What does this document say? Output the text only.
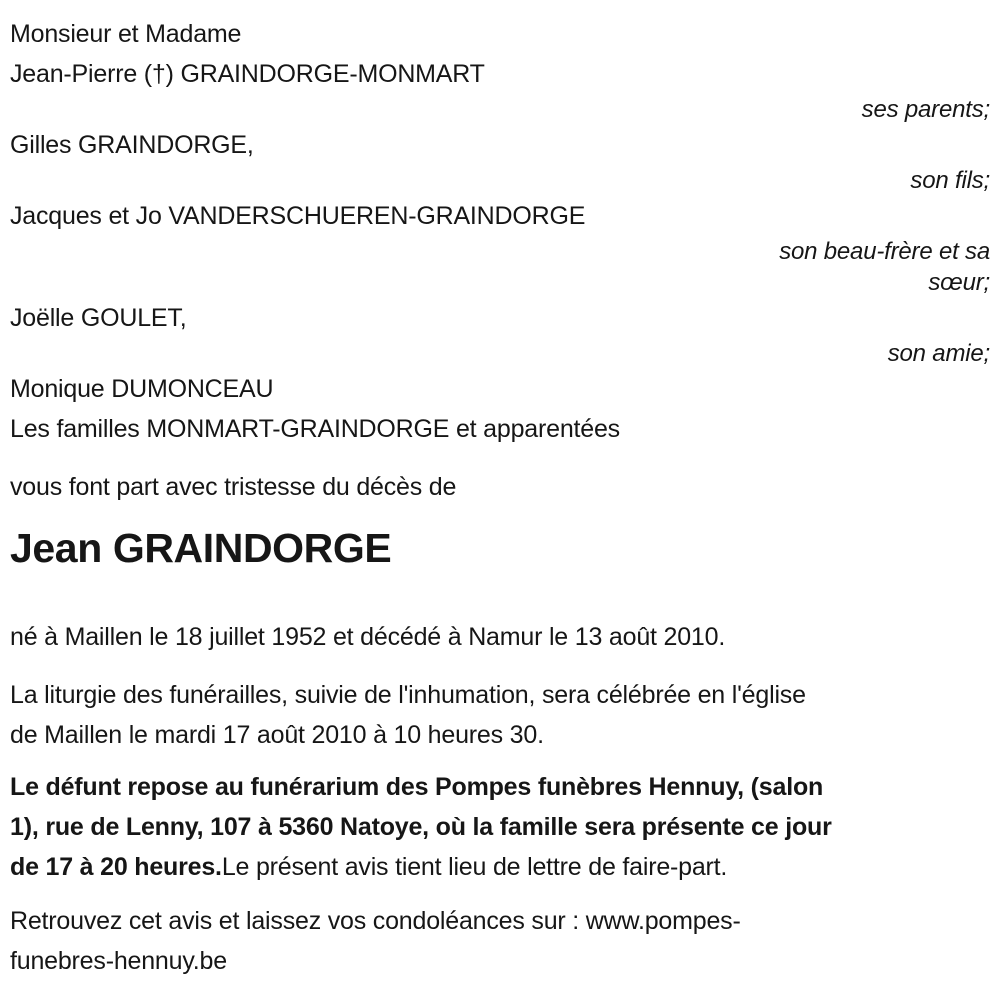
Monsieur et Madame
Jean-Pierre (†) GRAINDORGE-MONMART
ses parents;
Gilles GRAINDORGE,
son fils;
Jacques et Jo VANDERSCHUEREN-GRAINDORGE
son beau-frère et sa
sœur;
Joëlle GOULET,
son amie;
Monique DUMONCEAU
Les familles MONMART-GRAINDORGE et apparentées

vous font part avec tristesse du décès de

Jean GRAINDORGE

né à Maillen le 18 juillet 1952 et décédé à Namur le 13 août 2010.

La liturgie des funérailles, suivie de l'inhumation, sera célébrée en l'église
de Maillen le mardi 17 août 2010 à 10 heures 30.
Le défunt repose au funérarium des Pompes funèbres Hennuy, (salon
1), rue de Lenny, 107 à 5360 Natoye, où la famille sera présente ce jour
de 17 à 20 heures.Le présent avis tient lieu de lettre de faire-part.
Retrouvez cet avis et laissez vos condoléances sur : www.pompes-
funebres-hennuy.be
